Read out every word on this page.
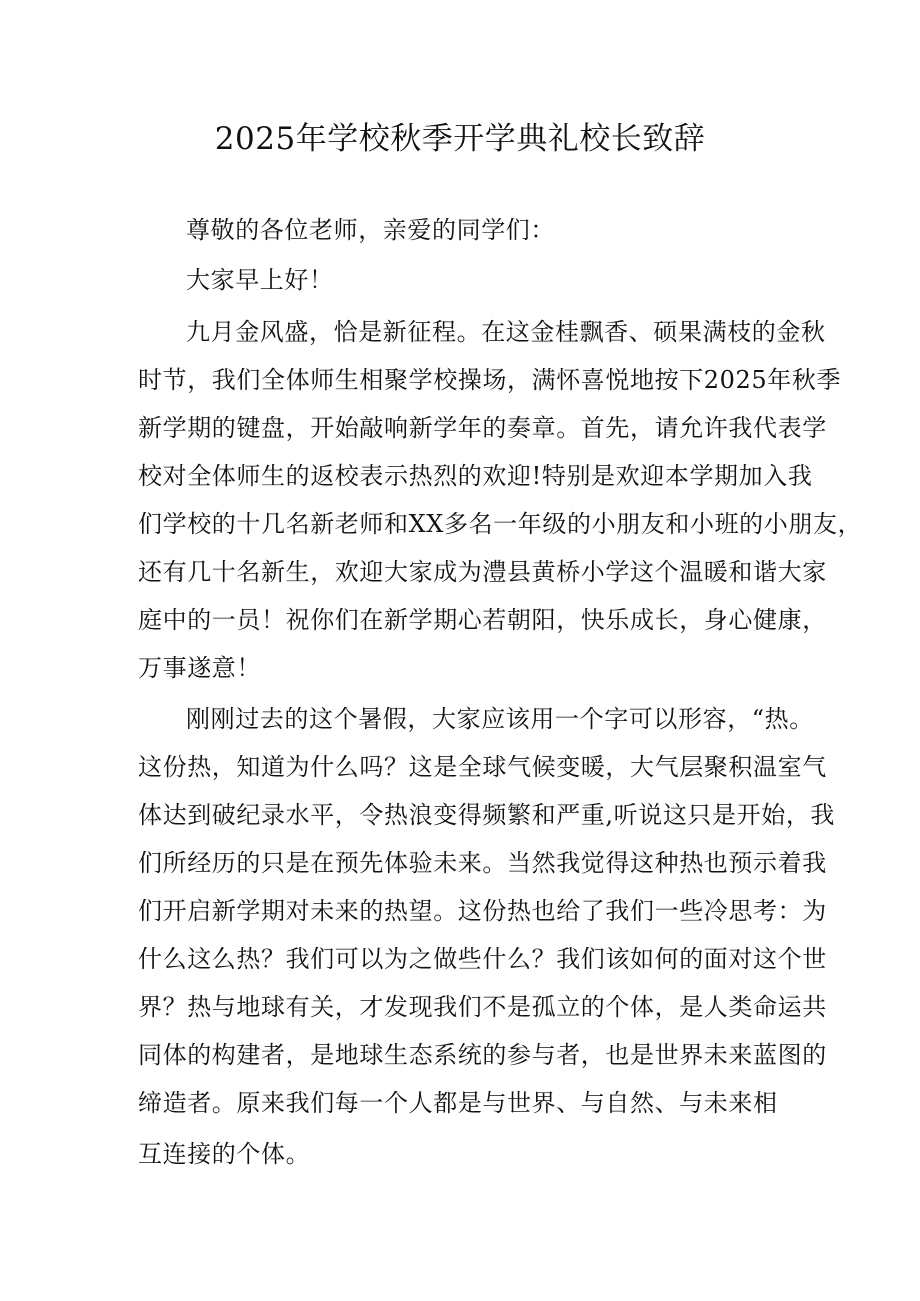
2025年学校秋季开学典礼校长致辞
尊敬的各位老师，亲爱的同学们：
大家早上好！
九月金风盛，恰是新征程。在这金桂飘香、硕果满枝的金秋
时节，我们全体师生相聚学校操场，满怀喜悦地按下2025年秋季
新学期的键盘，开始敲响新学年的奏章。首先，请允许我代表学
校对全体师生的返校表示热烈的欢迎!特别是欢迎本学期加入我
们学校的十几名新老师和XX多名一年级的小朋友和小班的小朋友，
还有几十名新生，欢迎大家成为澧县黄桥小学这个温暖和谐大家
庭中的一员！祝你们在新学期心若朝阳，快乐成长，身心健康，
万事遂意！
刚刚过去的这个暑假，大家应该用一个字可以形容，“热。
这份热，知道为什么吗？这是全球气候变暖，大气层聚积温室气
体达到破纪录水平，令热浪变得频繁和严重,听说这只是开始，我
们所经历的只是在预先体验未来。当然我觉得这种热也预示着我
们开启新学期对未来的热望。这份热也给了我们一些冷思考：为
什么这么热？我们可以为之做些什么？我们该如何的面对这个世
界？热与地球有关，才发现我们不是孤立的个体，是人类命运共
同体的构建者，是地球生态系统的参与者，也是世界未来蓝图的
缔造者。原来我们每一个人都是与世界、与自然、与未来相
互连接的个体。
